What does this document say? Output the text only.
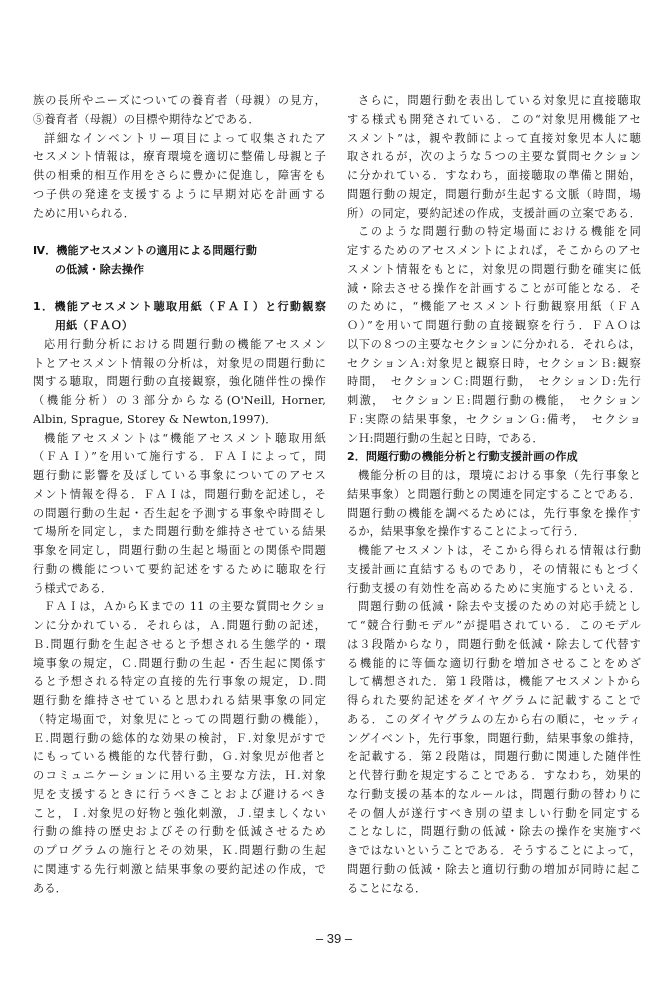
族の長所やニーズについての養育者（母親）の見方，
⑤養育者（母親）の目標や期待などである．
詳細なインベントリー項目によって収集されたア
セスメント情報は，療育環境を適切に整備し母親と子
供の相乗的相互作用をさらに豊かに促進し，障害をも
つ子供の発達を支援するように早期対応を計画する
ために用いられる．
Ⅳ．機能アセスメントの適用による問題行動
の低減・除去操作
1．機能アセスメント聴取用紙（ＦＡＩ）と行動観察
用紙（ＦＡＯ）
応用行動分析における問題行動の機能アセスメン
トとアセスメント情報の分析は，対象児の問題行動に
関する聴取，問題行動の直接観察，強化随伴性の操作
（機能分析）の３部分からなる(O'Neill, Horner,
Albin, Sprague, Storey & Newton,1997)．
機能アセスメントは“機能アセスメント聴取用紙
（ＦＡＩ）”を用いて施行する．ＦＡＩによって，問
題行動に影響を及ぼしている事象についてのアセス
メント情報を得る．ＦＡＩは，問題行動を記述し，そ
の問題行動の生起・否生起を予測する事象や時間そし
て場所を同定し，また問題行動を維持させている結果
事象を同定し，問題行動の生起と場面との関係や問題
行動の機能について要約記述をするために聴取を行
う様式である．
ＦＡＩは，ＡからＫまでの 11 の主要な質問セクショ
ンに分かれている．それらは，Ａ.問題行動の記述，
Ｂ.問題行動を生起させると予想される生態学的・環
境事象の規定，Ｃ.問題行動の生起・否生起に関係す
ると予想される特定の直接的先行事象の規定，Ｄ.問
題行動を維持させていると思われる結果事象の同定
（特定場面で，対象児にとっての問題行動の機能），
Ｅ.問題行動の総体的な効果の検討，Ｆ.対象児がすで
にもっている機能的な代替行動，Ｇ.対象児が他者と
のコミュニケーションに用いる主要な方法，Ｈ.対象
児を支援するときに行うべきことおよび避けるべき
こと，Ｉ.対象児の好物と強化刺激，Ｊ.望ましくない
行動の維持の歴史およびその行動を低減させるため
のプログラムの施行とその効果，Ｋ.問題行動の生起
に関連する先行刺激と結果事象の要約記述の作成，で
ある．
さらに，問題行動を表出している対象児に直接聴取
する様式も開発されている．この“対象児用機能アセ
スメント”は，親や教師によって直接対象児本人に聴
取されるが，次のような５つの主要な質問セクション
に分かれている．すなわち，面接聴取の準備と開始，
問題行動の規定，問題行動が生起する文脈（時間，場
所）の同定，要約記述の作成，支援計画の立案である．
このような問題行動の特定場面における機能を同
定するためのアセスメントによれば，そこからのアセ
スメント情報をもとに，対象児の問題行動を確実に低
減・除去させる操作を計画することが可能となる．そ
のために，“機能アセスメント行動観察用紙（ＦＡ
Ｏ）”を用いて問題行動の直接観察を行う．ＦＡＯは
以下の８つの主要なセクションに分かれる．それらは，
セクションＡ:対象児と観察日時，セクションＢ:観察
時間，　セクションＣ:問題行動，　セクションＤ:先行
刺激，　セクションＥ:問題行動の機能，　セクション
Ｆ:実際の結果事象，セクションＧ:備考，　セクショ
ンＨ:問題行動の生起と日時，である．
2．問題行動の機能分析と行動支援計画の作成
機能分析の目的は，環境における事象（先行事象と
結果事象）と問題行動との関連を同定することである．
問題行動の機能を調べるためには，先行事象を操作す
るか，結果事象を操作することによって行う．
機能アセスメントは，そこから得られる情報は行動
支援計画に直結するものであり，その情報にもとづく
行動支援の有効性を高めるために実施するといえる．
問題行動の低減・除去や支援のための対応手続とし
て“競合行動モデル”が提唱されている．このモデル
は３段階からなり，問題行動を低減・除去して代替す
る機能的に等価な適切行動を増加させることをめざ
して構想された．第１段階は，機能アセスメントから
得られた要約記述をダイヤグラムに記載することで
ある．このダイヤグラムの左から右の順に，セッティ
ングイベント，先行事象，問題行動，結果事象の維持，
を記載する．第２段階は，問題行動に関連した随伴性
と代替行動を規定することである．すなわち，効果的
な行動支援の基本的なルールは，問題行動の替わりに
その個人が遂行すべき別の望ましい行動を同定する
ことなしに，問題行動の低減・除去の操作を実施すべ
きではないということである．そうすることによって，
問題行動の低減・除去と適切行動の増加が同時に起こ
ることになる．
– 39 –
